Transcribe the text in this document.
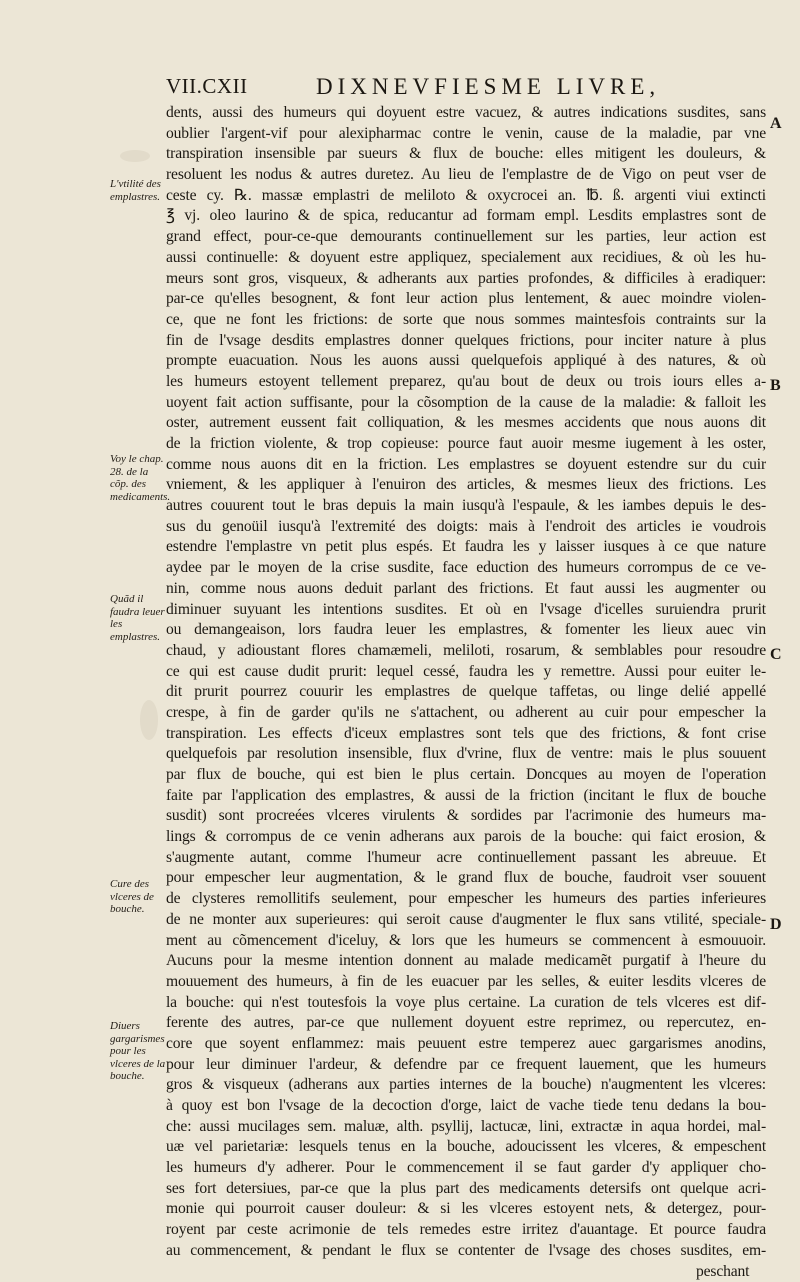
VII.CXII	DIXNEVFIESME LIVRE,
dents, aussi des humeurs qui doyuent estre vacuez, & autres indications susdites, sans
oublier l'argent-vif pour alexipharmac contre le venin, cause de la maladie, par vne
transpiration insensible par sueurs & flux de bouche: elles mitigent les douleurs, &
resoluent les nodus & autres duretez. Au lieu de l'emplastre de de Vigo on peut vser de
ceste cy. ℞. massæ emplastri de meliloto & oxycrocei an. ℔. ß. argenti viui extincti
℥ vj. oleo laurino & de spica, reducantur ad formam empl. Lesdits emplastres sont de
grand effect, pour-ce-que demourants continuellement sur les parties, leur action est
aussi continuelle: & doyuent estre appliquez, specialement aux recidiues, & où les hu-
meurs sont gros, visqueux, & adherants aux parties profondes, & difficiles à eradiquer:
par-ce qu'elles besognent, & font leur action plus lentement, & auec moindre violen-
ce, que ne font les frictions: de sorte que nous sommes maintesfois contraints sur la
fin de l'vsage desdits emplastres donner quelques frictions, pour inciter nature à plus
prompte euacuation. Nous les auons aussi quelquefois appliqué à des natures, & où
les humeurs estoyent tellement preparez, qu'au bout de deux ou trois iours elles a-
uoyent fait action suffisante, pour la cõsomption de la cause de la maladie: & falloit les
oster, autrement eussent fait colliquation, & les mesmes accidents que nous auons dit
de la friction violente, & trop copieuse: pource faut auoir mesme iugement à les oster,
comme nous auons dit en la friction. Les emplastres se doyuent estendre sur du cuir
vniement, & les appliquer à l'enuiron des articles, & mesmes lieux des frictions. Les
autres couurent tout le bras depuis la main iusqu'à l'espaule, & les iambes depuis le des-
sus du genoüil iusqu'à l'extremité des doigts: mais à l'endroit des articles ie voudrois
estendre l'emplastre vn petit plus espés. Et faudra les y laisser iusques à ce que nature
aydee par le moyen de la crise susdite, face eduction des humeurs corrompus de ce ve-
nin, comme nous auons deduit parlant des frictions. Et faut aussi les augmenter ou
diminuer suyuant les intentions susdites. Et où en l'vsage d'icelles suruiendra prurit
ou demangeaison, lors faudra leuer les emplastres, & fomenter les lieux auec vin
chaud, y adioustant flores chamæmeli, meliloti, rosarum, & semblables pour resoudre
ce qui est cause dudit prurit: lequel cessé, faudra les y remettre. Aussi pour euiter le-
dit prurit pourrez couurir les emplastres de quelque taffetas, ou linge delié appellé
crespe, à fin de garder qu'ils ne s'attachent, ou adherent au cuir pour empescher la
transpiration. Les effects d'iceux emplastres sont tels que des frictions, & font crise
quelquefois par resolution insensible, flux d'vrine, flux de ventre: mais le plus souuent
par flux de bouche, qui est bien le plus certain. Doncques au moyen de l'operation
faite par l'application des emplastres, & aussi de la friction (incitant le flux de bouche
susdit) sont procreées vlceres virulents & sordides par l'acrimonie des humeurs ma-
lings & corrompus de ce venin adherans aux parois de la bouche: qui faict erosion, &
s'augmente autant, comme l'humeur acre continuellement passant les abreuue. Et
pour empescher leur augmentation, & le grand flux de bouche, faudroit vser souuent
de clysteres remollitifs seulement, pour empescher les humeurs des parties inferieures
de ne monter aux superieures: qui seroit cause d'augmenter le flux sans vtilité, speciale-
ment au cõmencement d'iceluy, & lors que les humeurs se commencent à esmouuoir.
Aucuns pour la mesme intention donnent au malade medicamẽt purgatif à l'heure du
mouuement des humeurs, à fin de les euacuer par les selles, & euiter lesdits vlceres de
la bouche: qui n'est toutesfois la voye plus certaine. La curation de tels vlceres est dif-
ferente des autres, par-ce que nullement doyuent estre reprimez, ou repercutez, en-
core que soyent enflammez: mais peuuent estre temperez auec gargarismes anodins,
pour leur diminuer l'ardeur, & defendre par ce frequent lauement, que les humeurs
gros & visqueux (adherans aux parties internes de la bouche) n'augmentent les vlceres:
à quoy est bon l'vsage de la decoction d'orge, laict de vache tiede tenu dedans la bou-
che: aussi mucilages sem. maluæ, alth. psyllij, lactucæ, lini, extractæ in aqua hordei, mal-
uæ vel parietariæ: lesquels tenus en la bouche, adoucissent les vlceres, & empeschent
les humeurs d'y adherer. Pour le commencement il se faut garder d'y appliquer cho-
ses fort detersiues, par-ce que la plus part des medicaments detersifs ont quelque acri-
monie qui pourroit causer douleur: & si les vlceres estoyent nets, & detergez, pour-
royent par ceste acrimonie de tels remedes estre irritez d'auantage. Et pource faudra
au commencement, & pendant le flux se contenter de l'vsage des choses susdites, em-
peschant
L'vtilité des emplastres.
Voy le chap. 28. de la cõp. des medicaments.
Quãd il faudra leuer les emplastres.
Cure des vlceres de bouche.
Diuers gargarismes pour les vlceres de la bouche.
A
B
C
D
